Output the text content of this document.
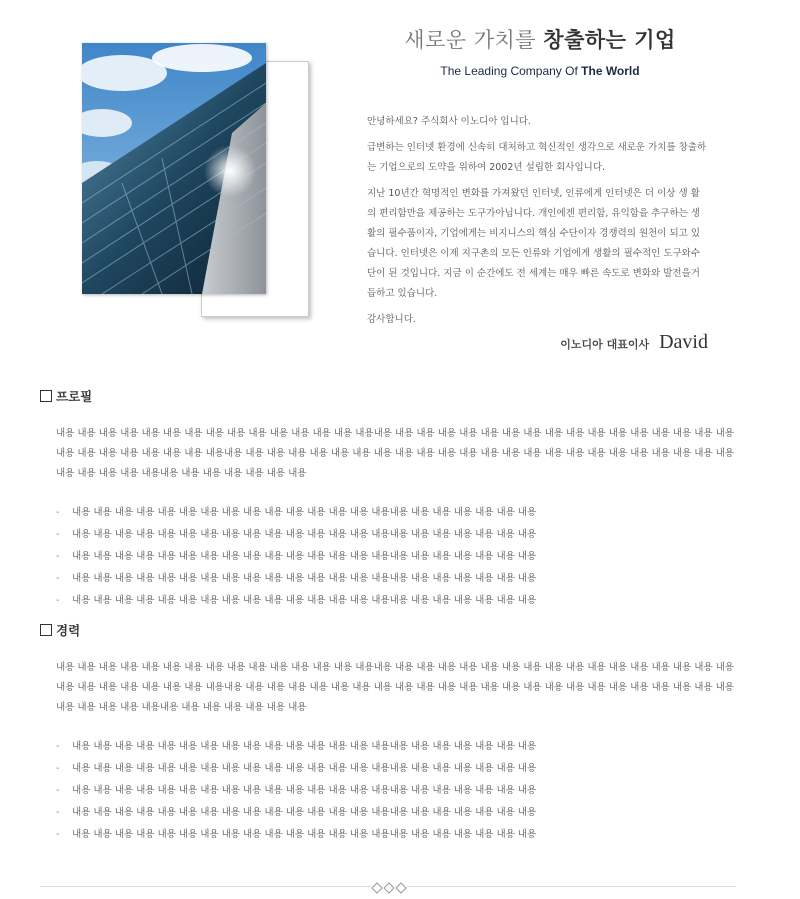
새로운 가치를 창출하는 기업
The Leading Company Of The World

안녕하세요? 주식회사 이노디아 입니다.

급변하는 인터넷 환경에 신속히 대처하고 혁신적인 생각으로 새로운 가치를 창출하는 기업으로의 도약을 위하여 2002년 설립한 회사입니다.

지난 10년간 혁명적인 변화를 가져왔던 인터넷, 인류에게 인터넷은 더 이상 생 활의 편리함만을 제공하는 도구가아닙니다. 개인에겐 편리함, 유익함을 추구하는 생활의 필수품이자, 기업에게는 비지니스의 핵심 수단이자 경쟁력의 원천이 되고 있습니다. 인터넷은 이제 지구촌의 모든 인류와 기업에게 생활의 필수적인 도구와수단이 된 것입니다. 지금 이 순간에도 전 세계는 매우 빠른 속도로 변화와 발전을거듭하고 있습니다.

감사합니다.

이노디아 대표이사 David
프로필
내용 내용 내용 내용 내용 내용 내용 내용 내용 내용 내용 내용 내용 내용 내용내용 내용 내용 내용 내용 내용 내용 내용 내용 내용 내용 내용 내용 내용 내용 내용 내용 내용 내용 내용 내용 내용 내용 내용 내용내용 내용 내용 내용 내용 내용 내용 내용 내용 내용 내용 내용 내용 내용 내용 내용 내용 내용 내용 내용 내용 내용 내용 내용 내용 내용 내용 내용 내용내용 내용 내용 내용 내용 내용 내용
-	내용 내용 내용 내용 내용 내용 내용 내용 내용 내용 내용 내용 내용 내용 내용내용 내용 내용 내용 내용 내용 내용
-	내용 내용 내용 내용 내용 내용 내용 내용 내용 내용 내용 내용 내용 내용 내용내용 내용 내용 내용 내용 내용 내용
-	내용 내용 내용 내용 내용 내용 내용 내용 내용 내용 내용 내용 내용 내용 내용내용 내용 내용 내용 내용 내용 내용
-	내용 내용 내용 내용 내용 내용 내용 내용 내용 내용 내용 내용 내용 내용 내용내용 내용 내용 내용 내용 내용 내용
-	내용 내용 내용 내용 내용 내용 내용 내용 내용 내용 내용 내용 내용 내용 내용내용 내용 내용 내용 내용 내용 내용
경력
내용 내용 내용 내용 내용 내용 내용 내용 내용 내용 내용 내용 내용 내용 내용내용 내용 내용 내용 내용 내용 내용 내용 내용 내용 내용 내용 내용 내용 내용 내용 내용 내용 내용 내용 내용 내용 내용 내용 내용내용 내용 내용 내용 내용 내용 내용 내용 내용 내용 내용 내용 내용 내용 내용 내용 내용 내용 내용 내용 내용 내용 내용 내용 내용 내용 내용 내용 내용내용 내용 내용 내용 내용 내용 내용
-	내용 내용 내용 내용 내용 내용 내용 내용 내용 내용 내용 내용 내용 내용 내용내용 내용 내용 내용 내용 내용 내용
-	내용 내용 내용 내용 내용 내용 내용 내용 내용 내용 내용 내용 내용 내용 내용내용 내용 내용 내용 내용 내용 내용
-	내용 내용 내용 내용 내용 내용 내용 내용 내용 내용 내용 내용 내용 내용 내용내용 내용 내용 내용 내용 내용 내용
-	내용 내용 내용 내용 내용 내용 내용 내용 내용 내용 내용 내용 내용 내용 내용내용 내용 내용 내용 내용 내용 내용
-	내용 내용 내용 내용 내용 내용 내용 내용 내용 내용 내용 내용 내용 내용 내용내용 내용 내용 내용 내용 내용 내용
